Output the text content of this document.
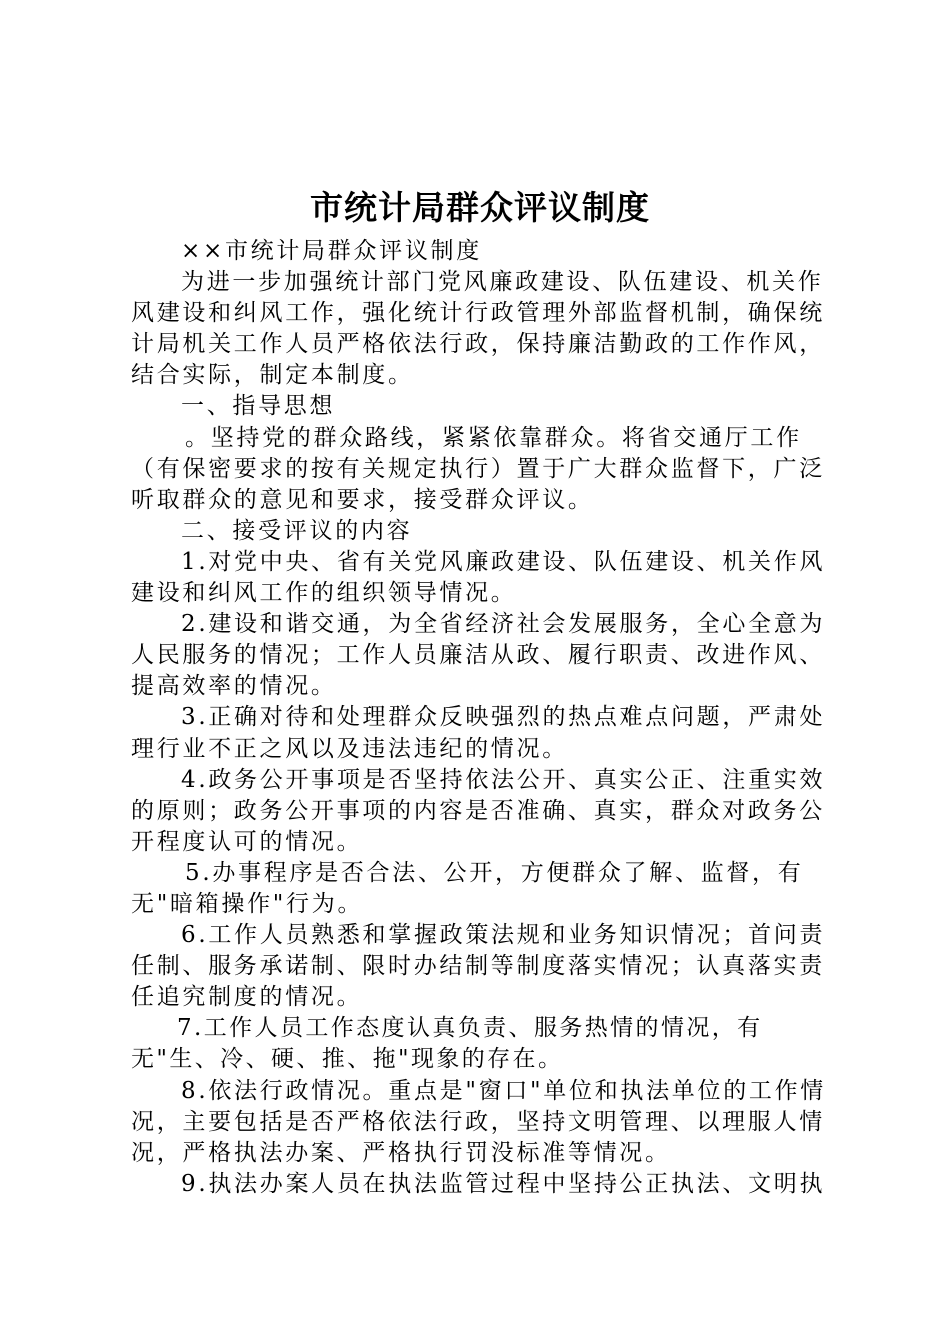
市统计局群众评议制度

××市统计局群众评议制度

为进一步加强统计部门党风廉政建设、队伍建设、机关作风建设和纠风工作，强化统计行政管理外部监督机制，确保统计局机关工作人员严格依法行政，保持廉洁勤政的工作作风，结合实际，制定本制度。

一、指导思想

。坚持党的群众路线，紧紧依靠群众。将省交通厅工作（有保密要求的按有关规定执行）置于广大群众监督下，广泛听取群众的意见和要求，接受群众评议。

二、接受评议的内容

1.对党中央、省有关党风廉政建设、队伍建设、机关作风建设和纠风工作的组织领导情况。

2.建设和谐交通，为全省经济社会发展服务，全心全意为人民服务的情况；工作人员廉洁从政、履行职责、改进作风、提高效率的情况。

3.正确对待和处理群众反映强烈的热点难点问题，严肃处理行业不正之风以及违法违纪的情况。

4.政务公开事项是否坚持依法公开、真实公正、注重实效的原则；政务公开事项的内容是否准确、真实，群众对政务公开程度认可的情况。

5.办事程序是否合法、公开，方便群众了解、监督，有无"暗箱操作"行为。

6.工作人员熟悉和掌握政策法规和业务知识情况；首问责任制、服务承诺制、限时办结制等制度落实情况；认真落实责任追究制度的情况。

7.工作人员工作态度认真负责、服务热情的情况，有无"生、冷、硬、推、拖"现象的存在。

8.依法行政情况。重点是"窗口"单位和执法单位的工作情况，主要包括是否严格依法行政，坚持文明管理、以理服人情况，严格执法办案、严格执行罚没标准等情况。

9.执法办案人员在执法监管过程中坚持公正执法、文明执
